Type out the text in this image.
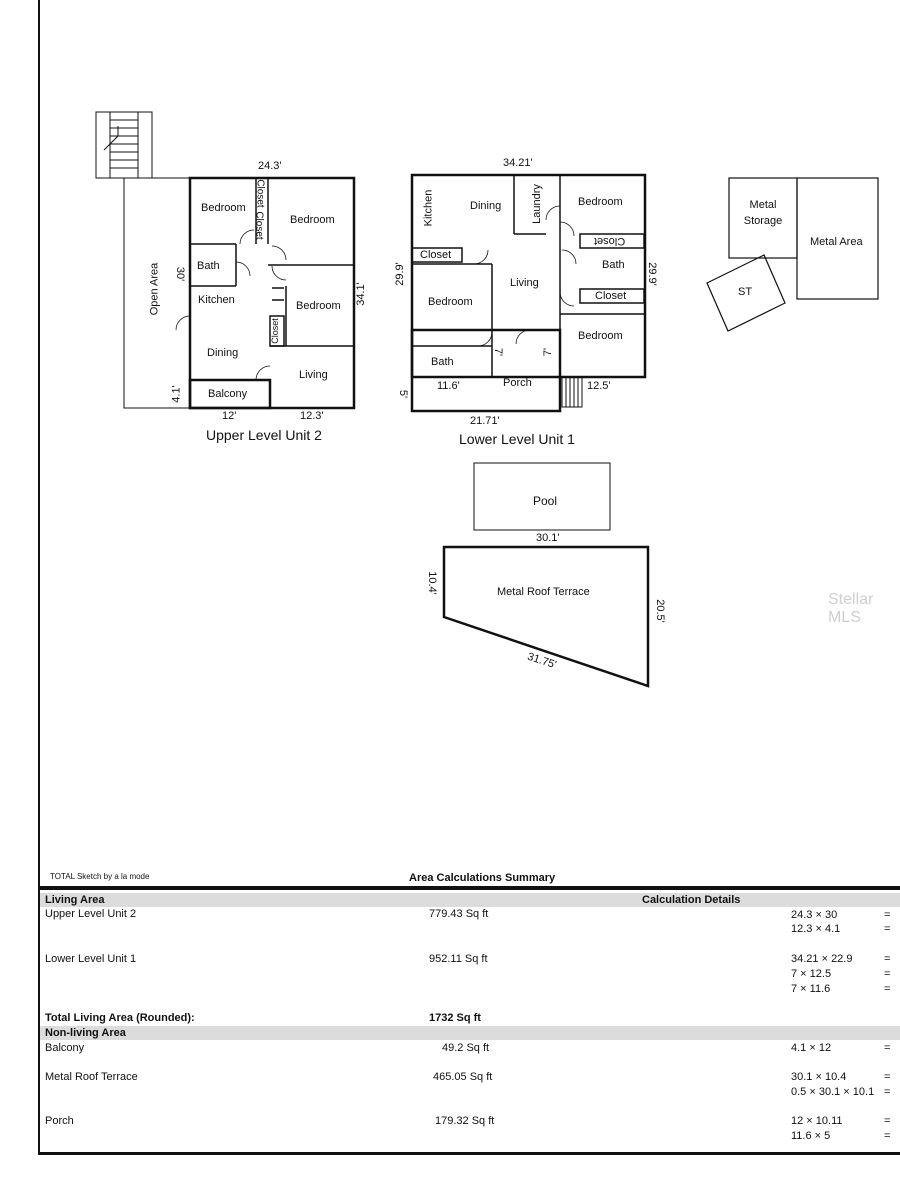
24.3'
30'
34.1'
12'	12.3'
4.1'
Open Area
Bedroom
Closet
Closet Bedroom
Bath
Kitchen	Bedroom
Closet
Dining
Living
Balcony
Upper Level Unit 2
34.21'
29.9'	29.9'
21.71'
11.6'	12.5'
7'	7'
5'
Kitchen	Dining	Laundry	Bedroom
Closet
Closet
Living
Bath
Closet
Bedroom
Bedroom
Bath
Porch
Lower Level Unit 1
Metal
Storage
Metal Area
ST
Pool
30.1'
10.4'
20.5'
Metal Roof Terrace
31.75'
Stellar MLS
TOTAL Sketch by a la mode	Area Calculations Summary
Living Area	Calculation Details
Upper Level Unit 2	779.43 Sq ft	24.3 × 30	=
12.3 × 4.1	=
Lower Level Unit 1	952.11 Sq ft	34.21 × 22.9	=
7 × 12.5	=
7 × 11.6	=
Total Living Area (Rounded):	1732 Sq ft
Non-living Area
Balcony	49.2 Sq ft	4.1 × 12	=
Metal Roof Terrace	465.05 Sq ft	30.1 × 10.4	=
0.5 × 30.1 × 10.1 =
Porch	179.32 Sq ft	12 × 10.11	=
11.6 × 5	=
